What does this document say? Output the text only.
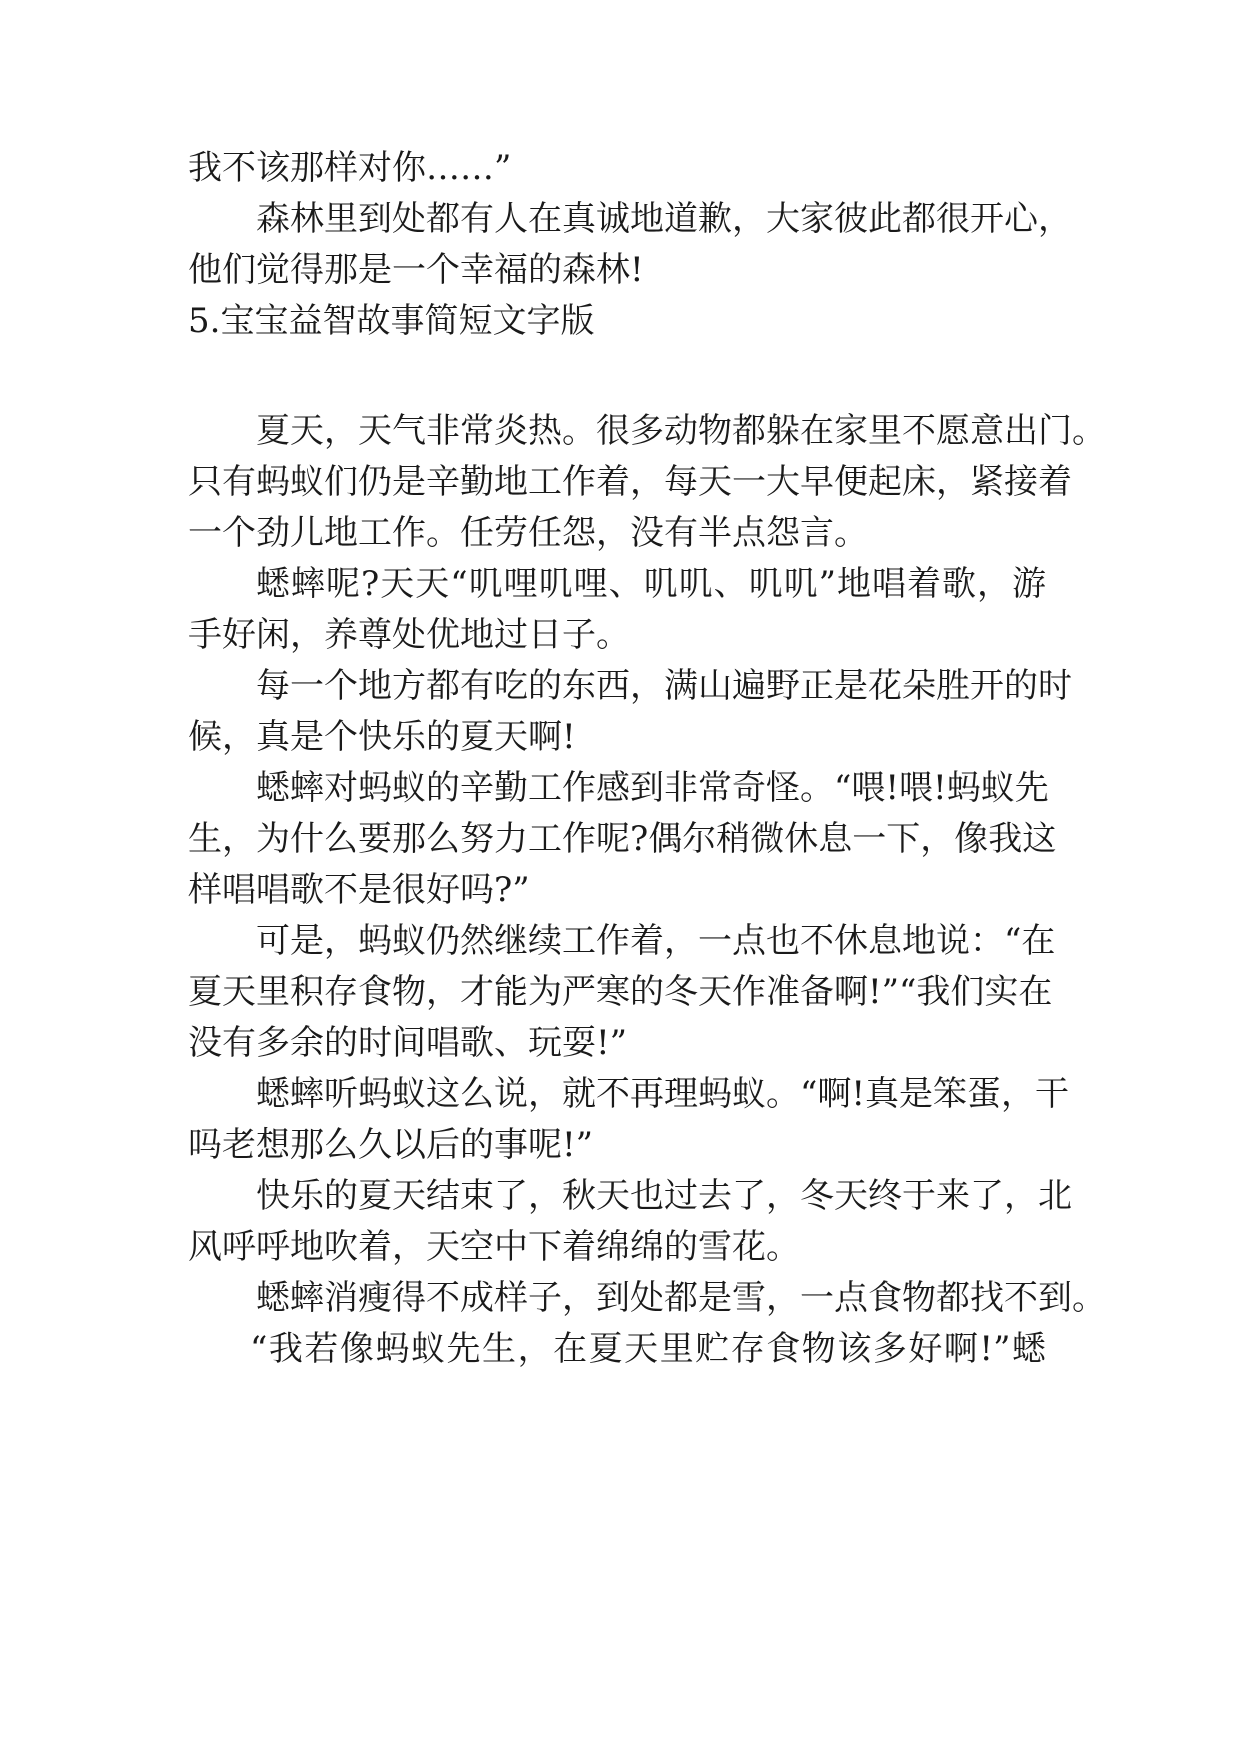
我不该那样对你……”
森林里到处都有人在真诚地道歉，大家彼此都很开心，
他们觉得那是一个幸福的森林!
5.宝宝益智故事简短文字版
夏天，天气非常炎热。很多动物都躲在家里不愿意出门。
只有蚂蚁们仍是辛勤地工作着，每天一大早便起床，紧接着
一个劲儿地工作。任劳任怨，没有半点怨言。
蟋蟀呢?天天“叽哩叽哩、叽叽、叽叽”地唱着歌，游
手好闲，养尊处优地过日子。
每一个地方都有吃的东西，满山遍野正是花朵胜开的时
候，真是个快乐的夏天啊!
蟋蟀对蚂蚁的辛勤工作感到非常奇怪。“喂!喂!蚂蚁先
生，为什么要那么努力工作呢?偶尔稍微休息一下，像我这
样唱唱歌不是很好吗?”
可是，蚂蚁仍然继续工作着，一点也不休息地说：“在
夏天里积存食物，才能为严寒的冬天作准备啊!”“我们实在
没有多余的时间唱歌、玩耍!”
蟋蟀听蚂蚁这么说，就不再理蚂蚁。“啊!真是笨蛋，干
吗老想那么久以后的事呢!”
快乐的夏天结束了，秋天也过去了，冬天终于来了，北
风呼呼地吹着，天空中下着绵绵的雪花。
蟋蟀消瘦得不成样子，到处都是雪，一点食物都找不到。
“我若像蚂蚁先生，在夏天里贮存食物该多好啊!”蟋
